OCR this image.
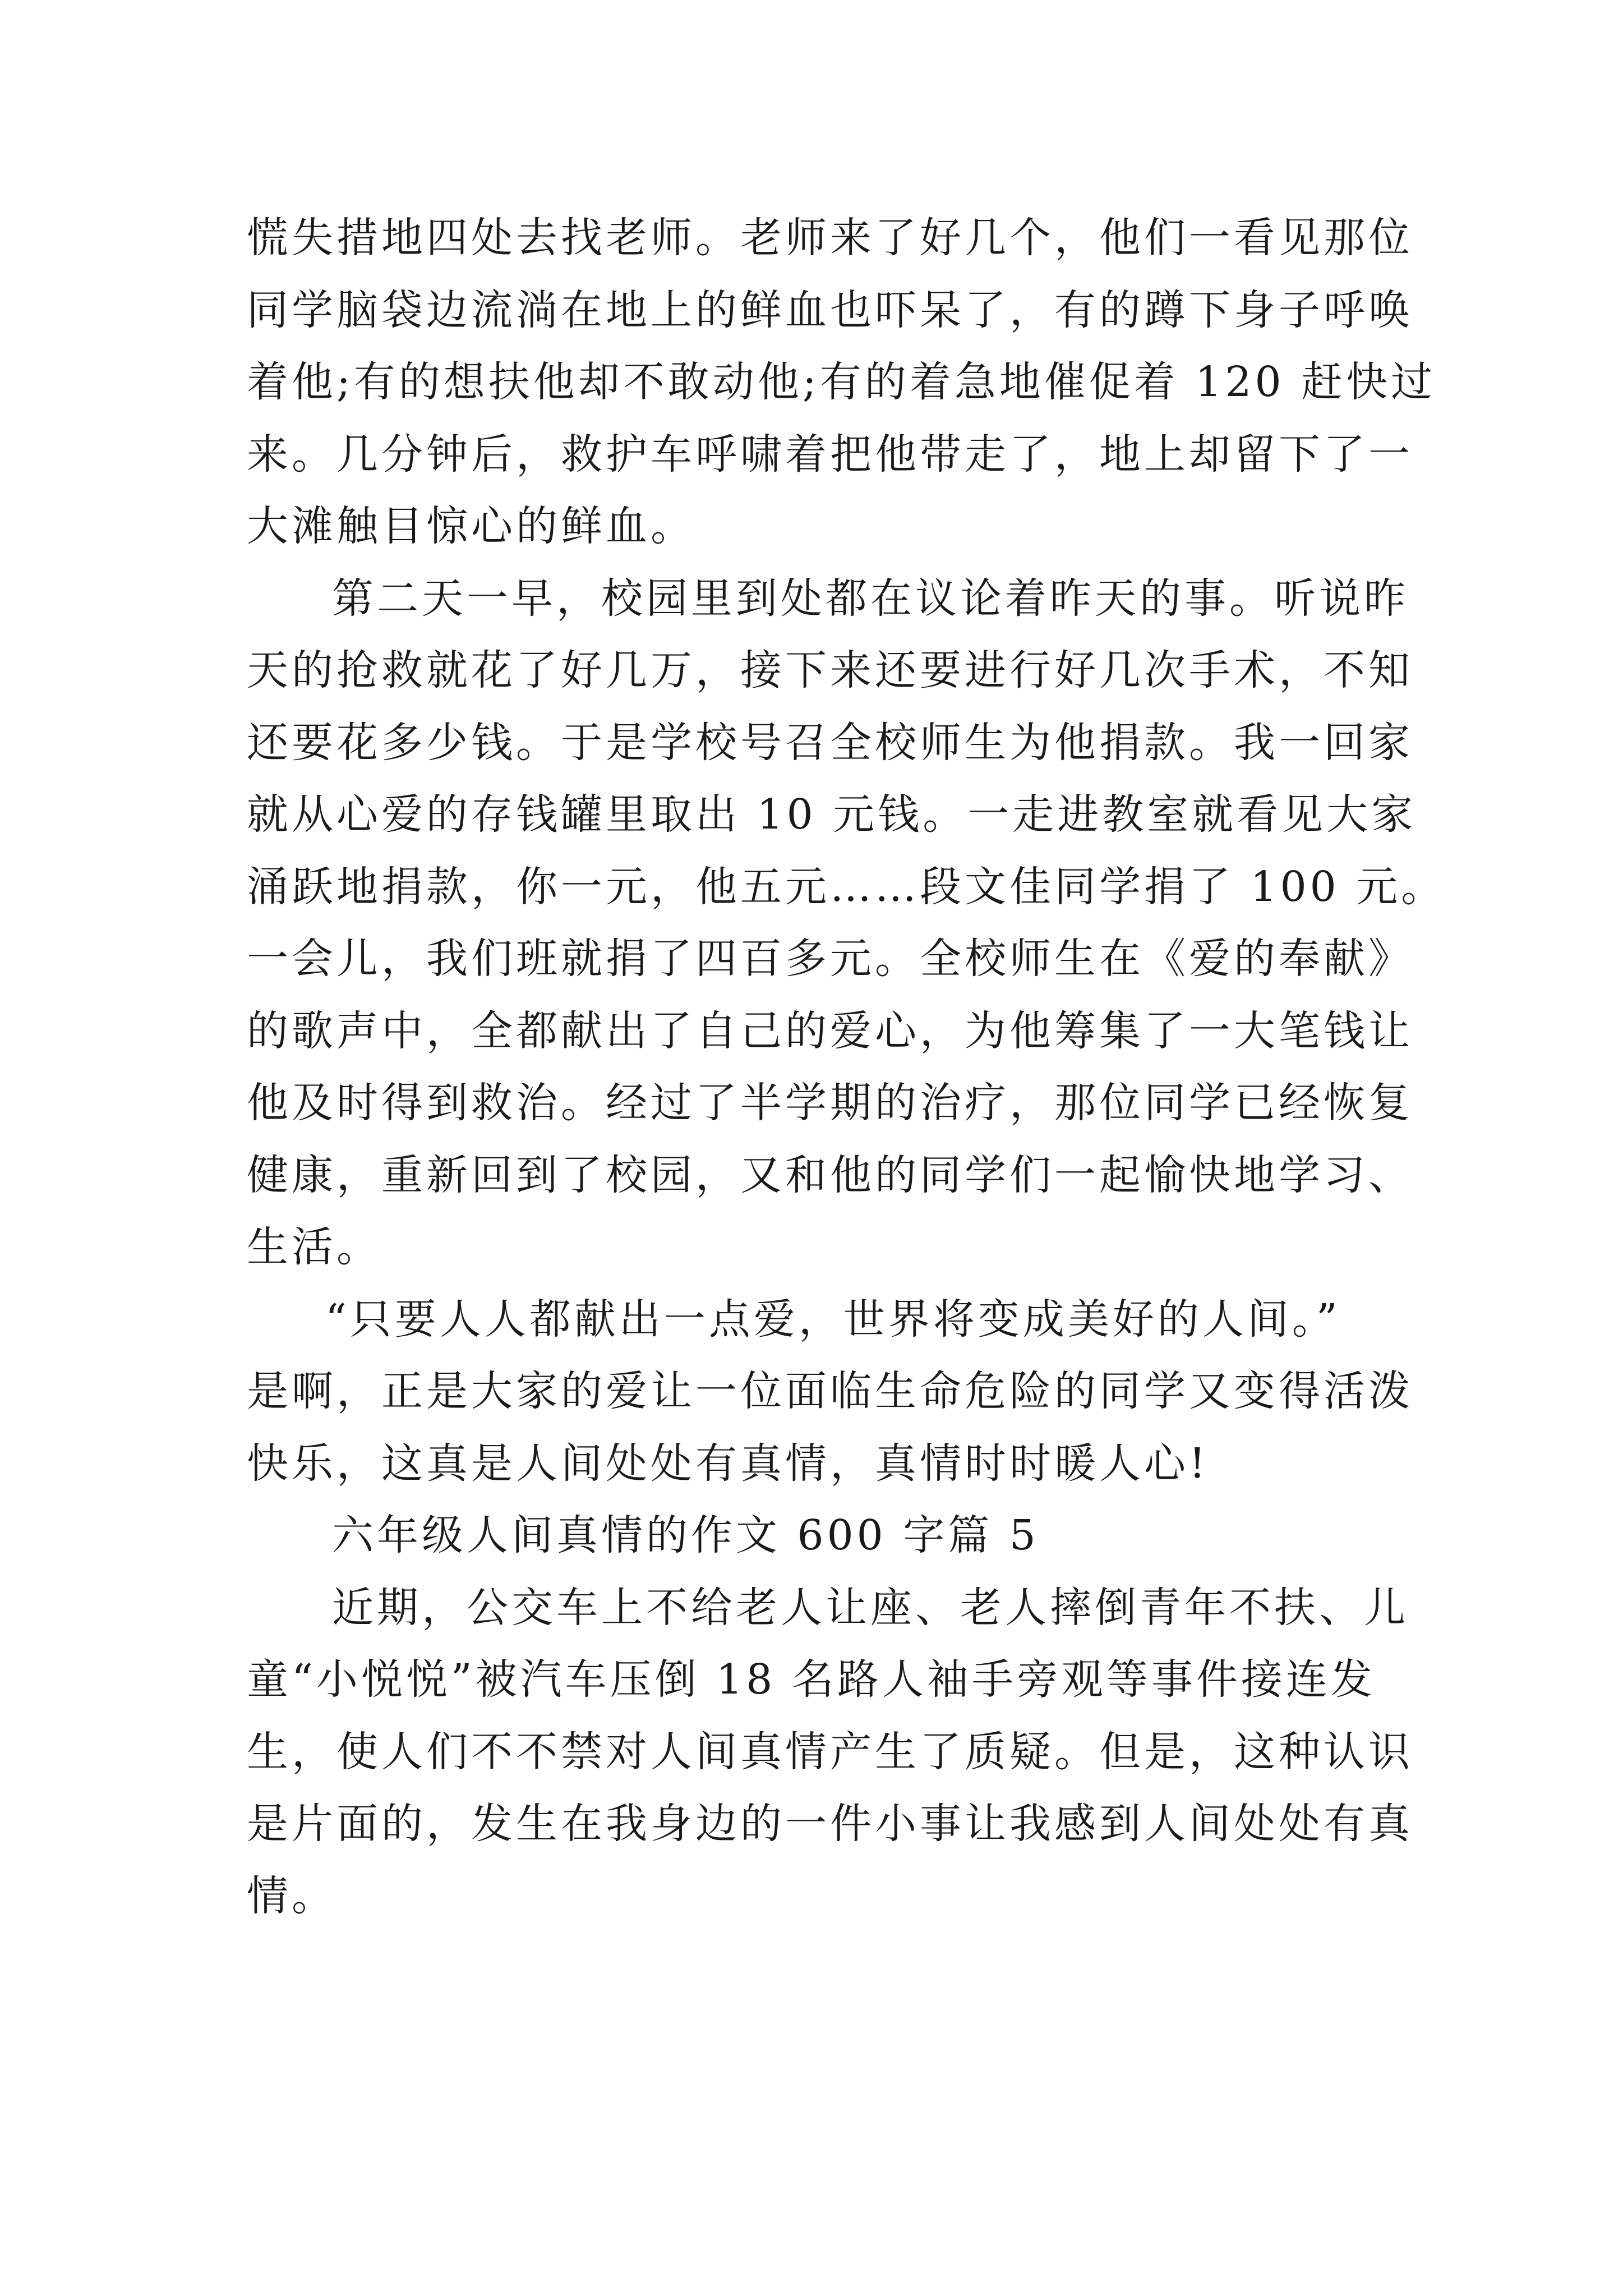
慌失措地四处去找老师。老师来了好几个，他们一看见那位
同学脑袋边流淌在地上的鲜血也吓呆了，有的蹲下身子呼唤
着他;有的想扶他却不敢动他;有的着急地催促着 120 赶快过
来。几分钟后，救护车呼啸着把他带走了，地上却留下了一
大滩触目惊心的鲜血。

第二天一早，校园里到处都在议论着昨天的事。听说昨
天的抢救就花了好几万，接下来还要进行好几次手术，不知
还要花多少钱。于是学校号召全校师生为他捐款。我一回家
就从心爱的存钱罐里取出 10 元钱。一走进教室就看见大家
涌跃地捐款，你一元，他五元……段文佳同学捐了 100 元。
一会儿，我们班就捐了四百多元。全校师生在《爱的奉献》
的歌声中，全都献出了自己的爱心，为他筹集了一大笔钱让
他及时得到救治。经过了半学期的治疗，那位同学已经恢复
健康，重新回到了校园，又和他的同学们一起愉快地学习、
生活。

“只要人人都献出一点爱，世界将变成美好的人间。”
是啊，正是大家的爱让一位面临生命危险的同学又变得活泼
快乐，这真是人间处处有真情，真情时时暖人心!

六年级人间真情的作文 600 字篇 5

近期，公交车上不给老人让座、老人摔倒青年不扶、儿
童“小悦悦”被汽车压倒 18 名路人袖手旁观等事件接连发
生，使人们不不禁对人间真情产生了质疑。但是，这种认识
是片面的，发生在我身边的一件小事让我感到人间处处有真
情。
